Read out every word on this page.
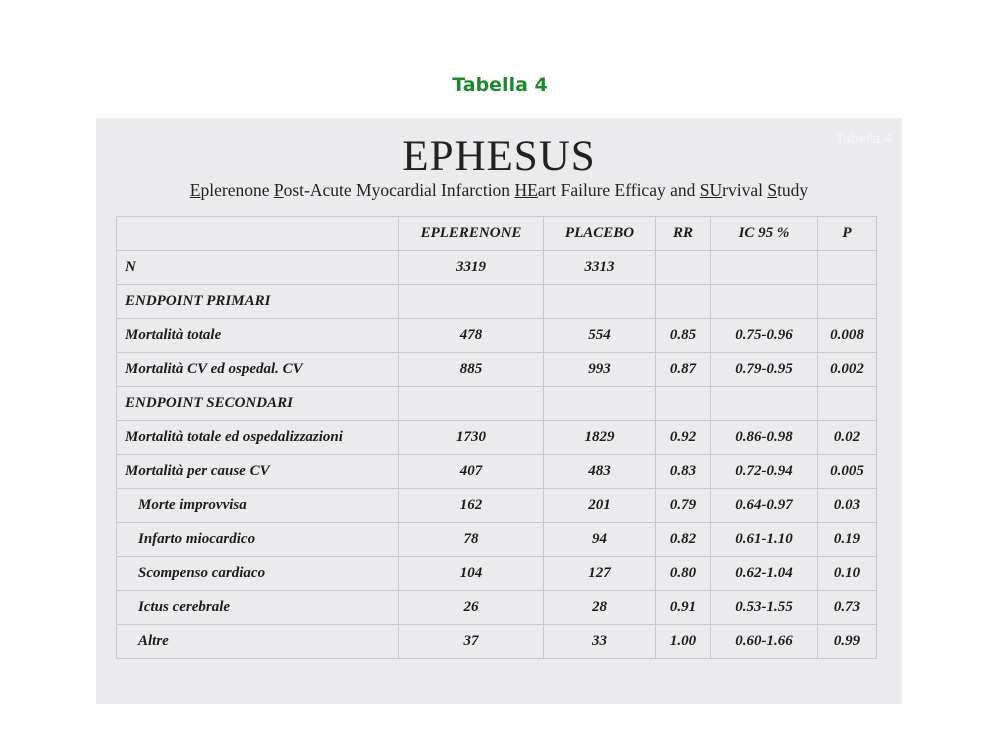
Tabella 4
Tabella 4
EPHESUS
Eplerenone Post-Acute Myocardial Infarction HEart Failure Efficay and SUrvival Study
	EPLERENONE	PLACEBO	RR	IC 95 %	P
N	3319	3313			
ENDPOINT PRIMARI					
Mortalità totale	478	554	0.85	0.75-0.96	0.008
Mortalità CV ed ospedal. CV	885	993	0.87	0.79-0.95	0.002
ENDPOINT SECONDARI					
Mortalità totale ed ospedalizzazioni	1730	1829	0.92	0.86-0.98	0.02
Mortalità per cause CV	407	483	0.83	0.72-0.94	0.005
Morte improvvisa	162	201	0.79	0.64-0.97	0.03
Infarto miocardico	78	94	0.82	0.61-1.10	0.19
Scompenso cardiaco	104	127	0.80	0.62-1.04	0.10
Ictus cerebrale	26	28	0.91	0.53-1.55	0.73
Altre	37	33	1.00	0.60-1.66	0.99
